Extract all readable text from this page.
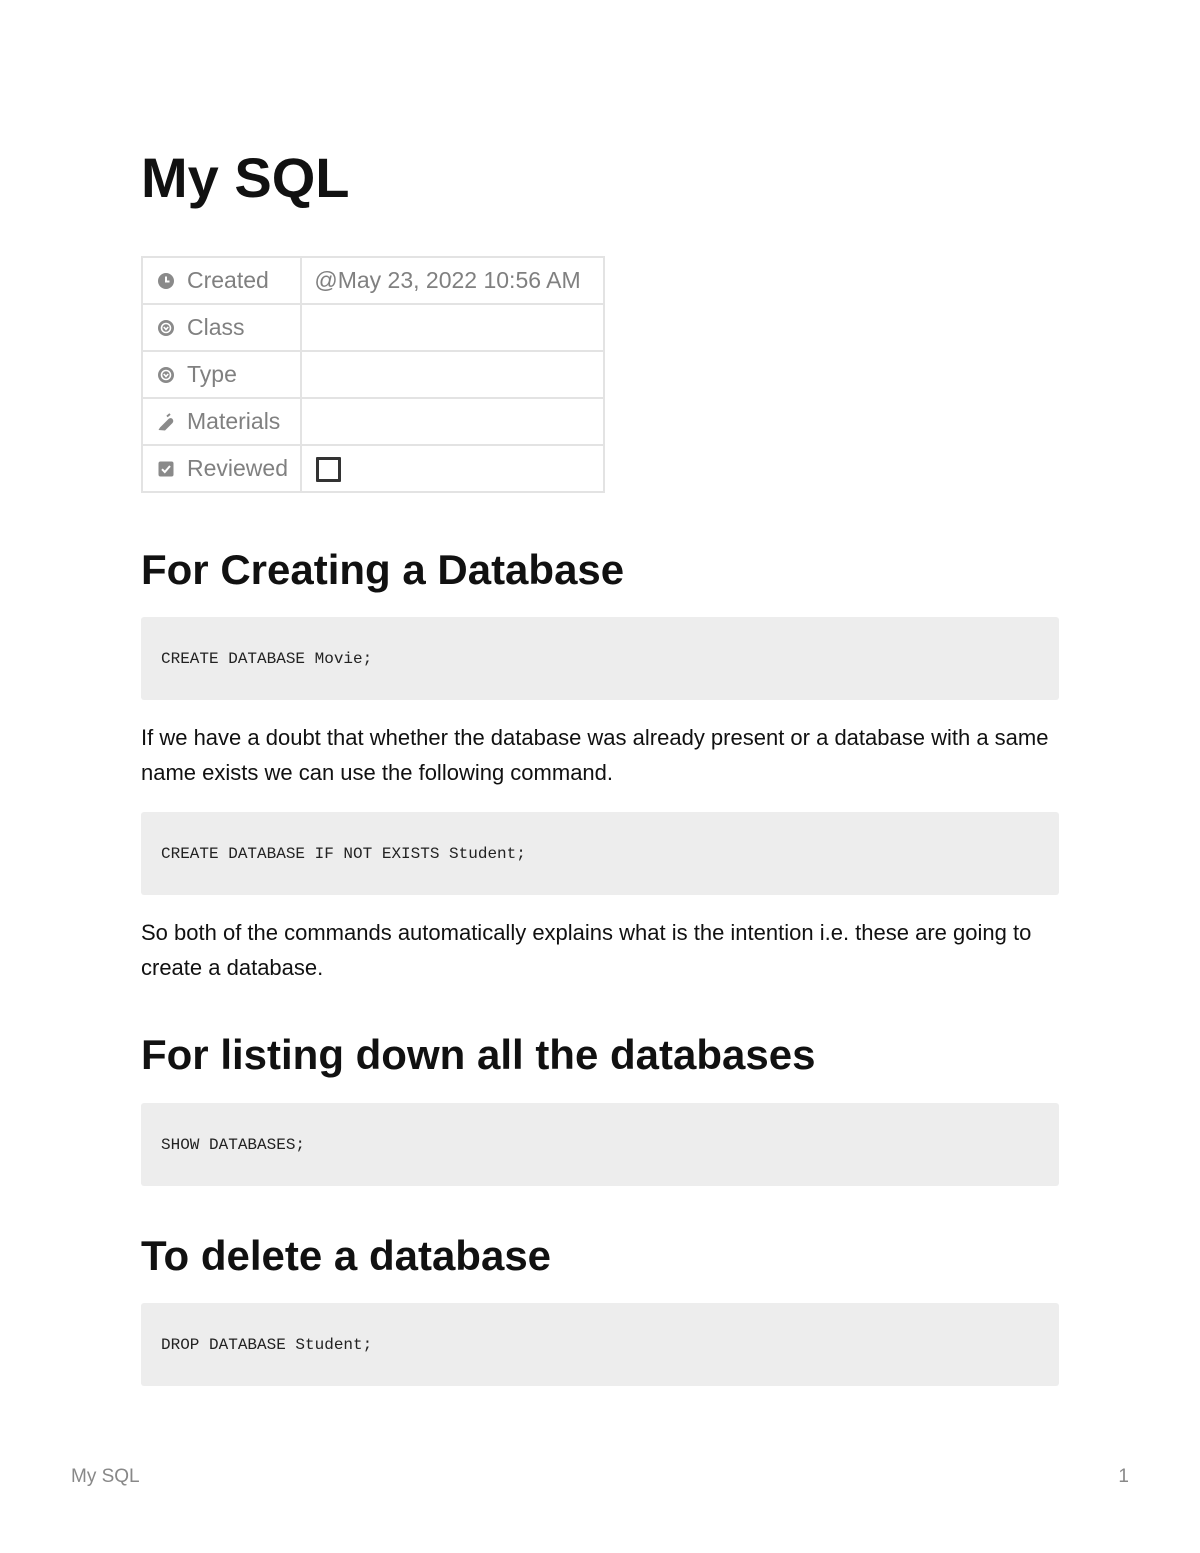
My SQL
Created	@May 23, 2022 10:56 AM

Class	

Type	

Materials	

Reviewed	

For Creating a Database
CREATE DATABASE Movie;

If we have a doubt that whether the database was already present or a database with a same name exists we can use the following command.

CREATE DATABASE IF NOT EXISTS Student;

So both of the commands automatically explains what is the intention i.e. these are going to create a database.

For listing down all the databases
SHOW DATABASES;
To delete a database
DROP DATABASE Student;
My SQL	1
